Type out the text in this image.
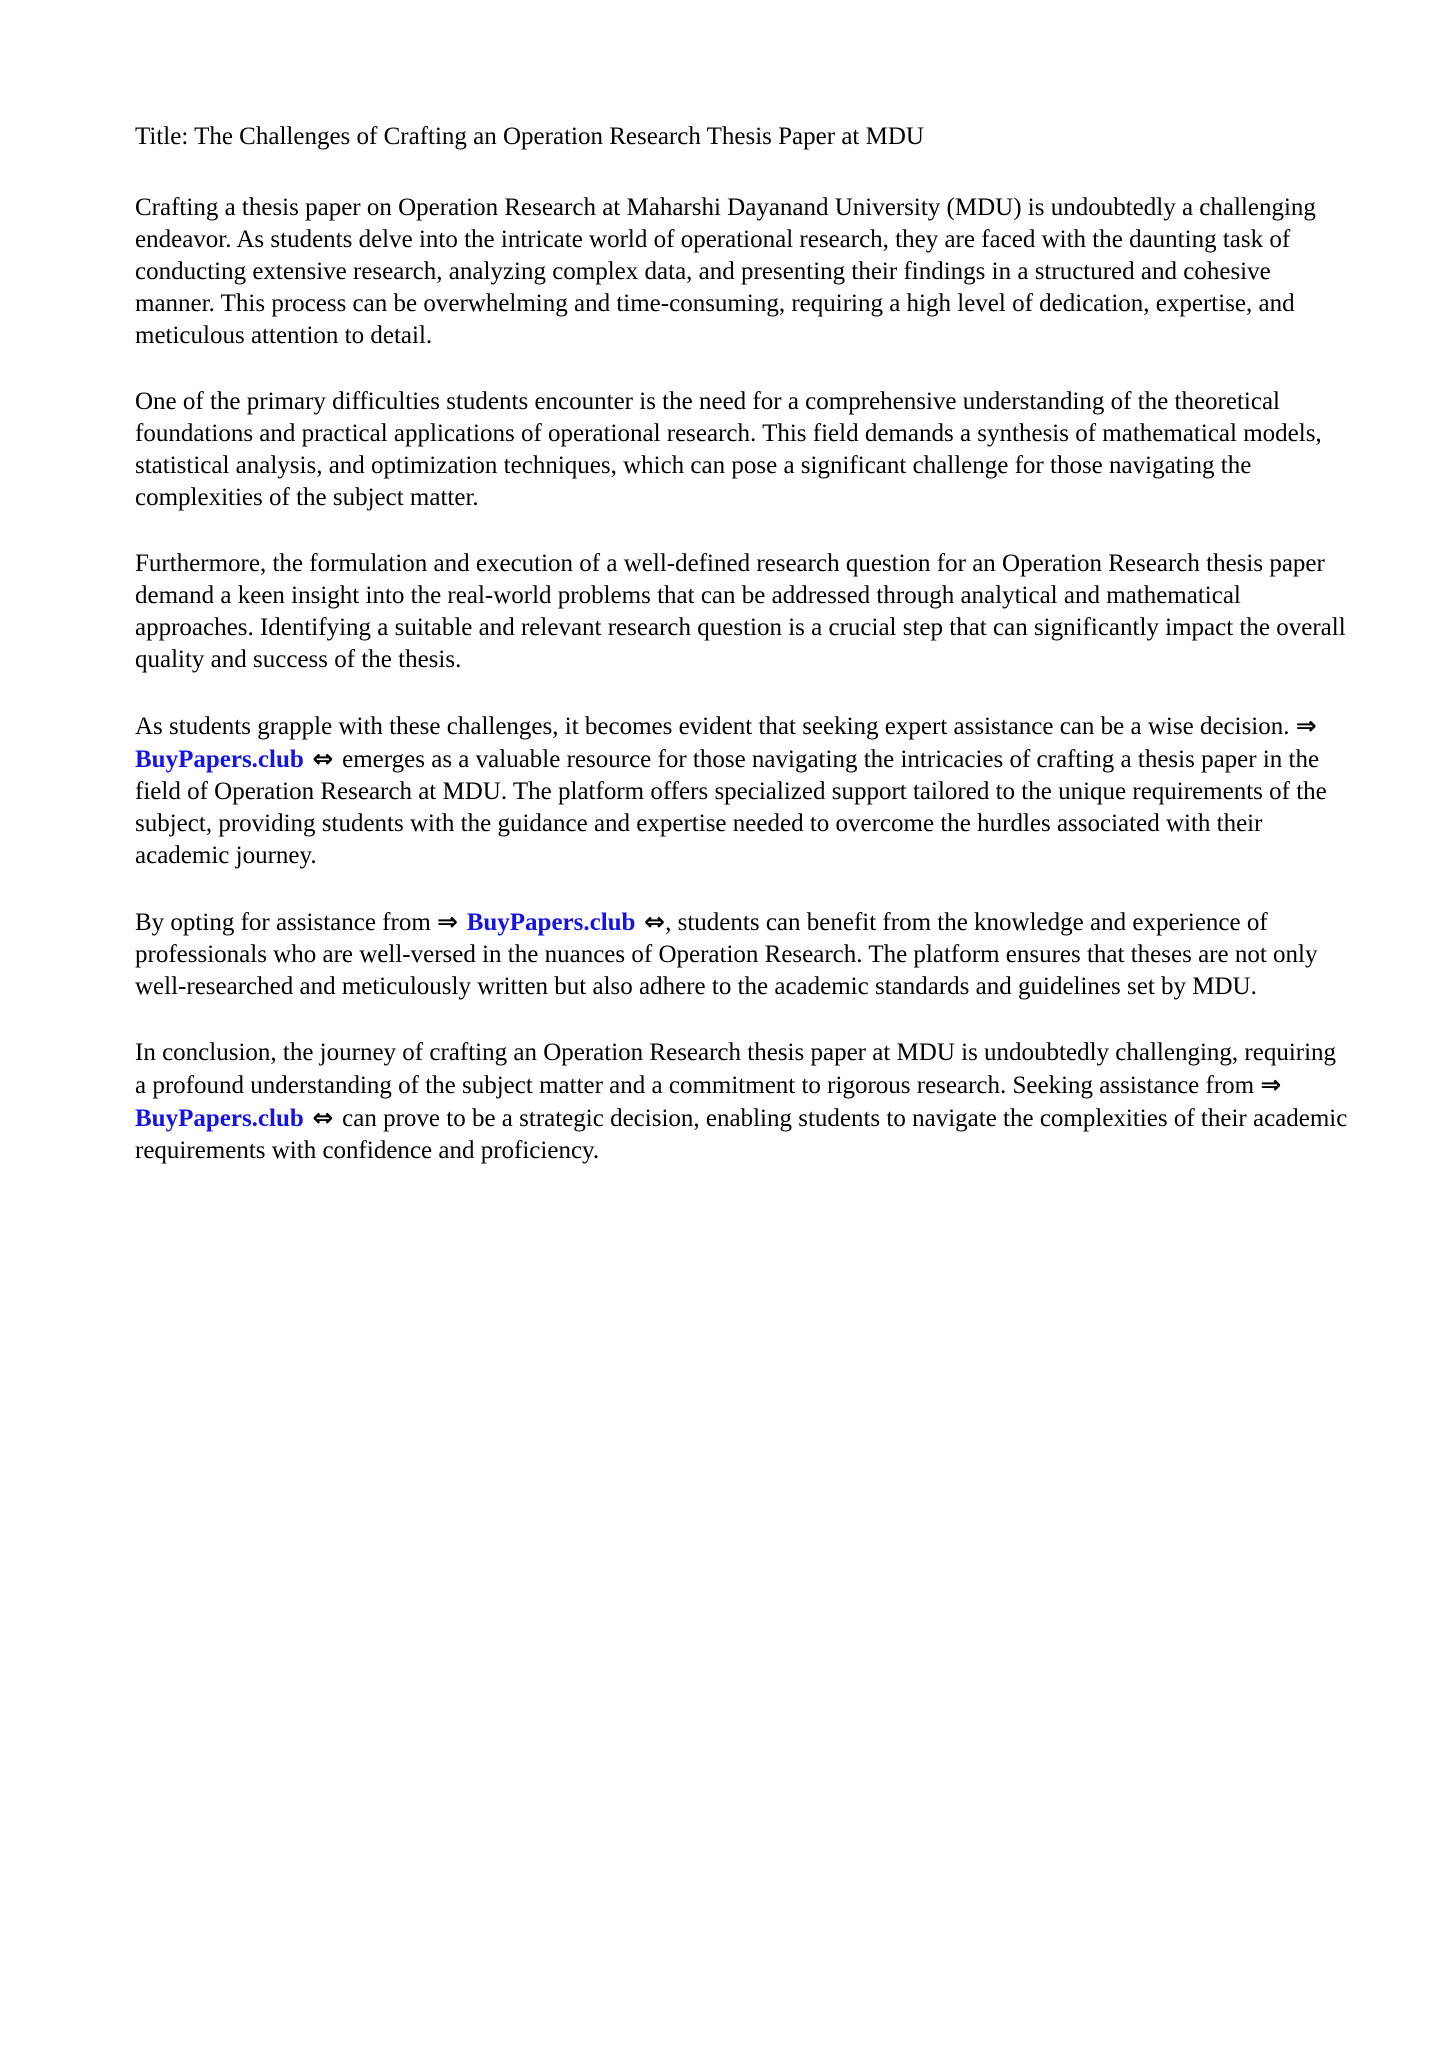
Title: The Challenges of Crafting an Operation Research Thesis Paper at MDU

Crafting a thesis paper on Operation Research at Maharshi Dayanand University (MDU) is undoubtedly a challenging endeavor. As students delve into the intricate world of operational research, they are faced with the daunting task of conducting extensive research, analyzing complex data, and presenting their findings in a structured and cohesive manner. This process can be overwhelming and time-consuming, requiring a high level of dedication, expertise, and meticulous attention to detail.

One of the primary difficulties students encounter is the need for a comprehensive understanding of the theoretical foundations and practical applications of operational research. This field demands a synthesis of mathematical models, statistical analysis, and optimization techniques, which can pose a significant challenge for those navigating the complexities of the subject matter.

Furthermore, the formulation and execution of a well-defined research question for an Operation Research thesis paper demand a keen insight into the real-world problems that can be addressed through analytical and mathematical approaches. Identifying a suitable and relevant research question is a crucial step that can significantly impact the overall quality and success of the thesis.

As students grapple with these challenges, it becomes evident that seeking expert assistance can be a wise decision. ⇒ BuyPapers.club ⇔ emerges as a valuable resource for those navigating the intricacies of crafting a thesis paper in the field of Operation Research at MDU. The platform offers specialized support tailored to the unique requirements of the subject, providing students with the guidance and expertise needed to overcome the hurdles associated with their academic journey.

By opting for assistance from ⇒ BuyPapers.club ⇔, students can benefit from the knowledge and experience of professionals who are well-versed in the nuances of Operation Research. The platform ensures that theses are not only well-researched and meticulously written but also adhere to the academic standards and guidelines set by MDU.

In conclusion, the journey of crafting an Operation Research thesis paper at MDU is undoubtedly challenging, requiring a profound understanding of the subject matter and a commitment to rigorous research. Seeking assistance from ⇒ BuyPapers.club ⇔ can prove to be a strategic decision, enabling students to navigate the complexities of their academic requirements with confidence and proficiency.
